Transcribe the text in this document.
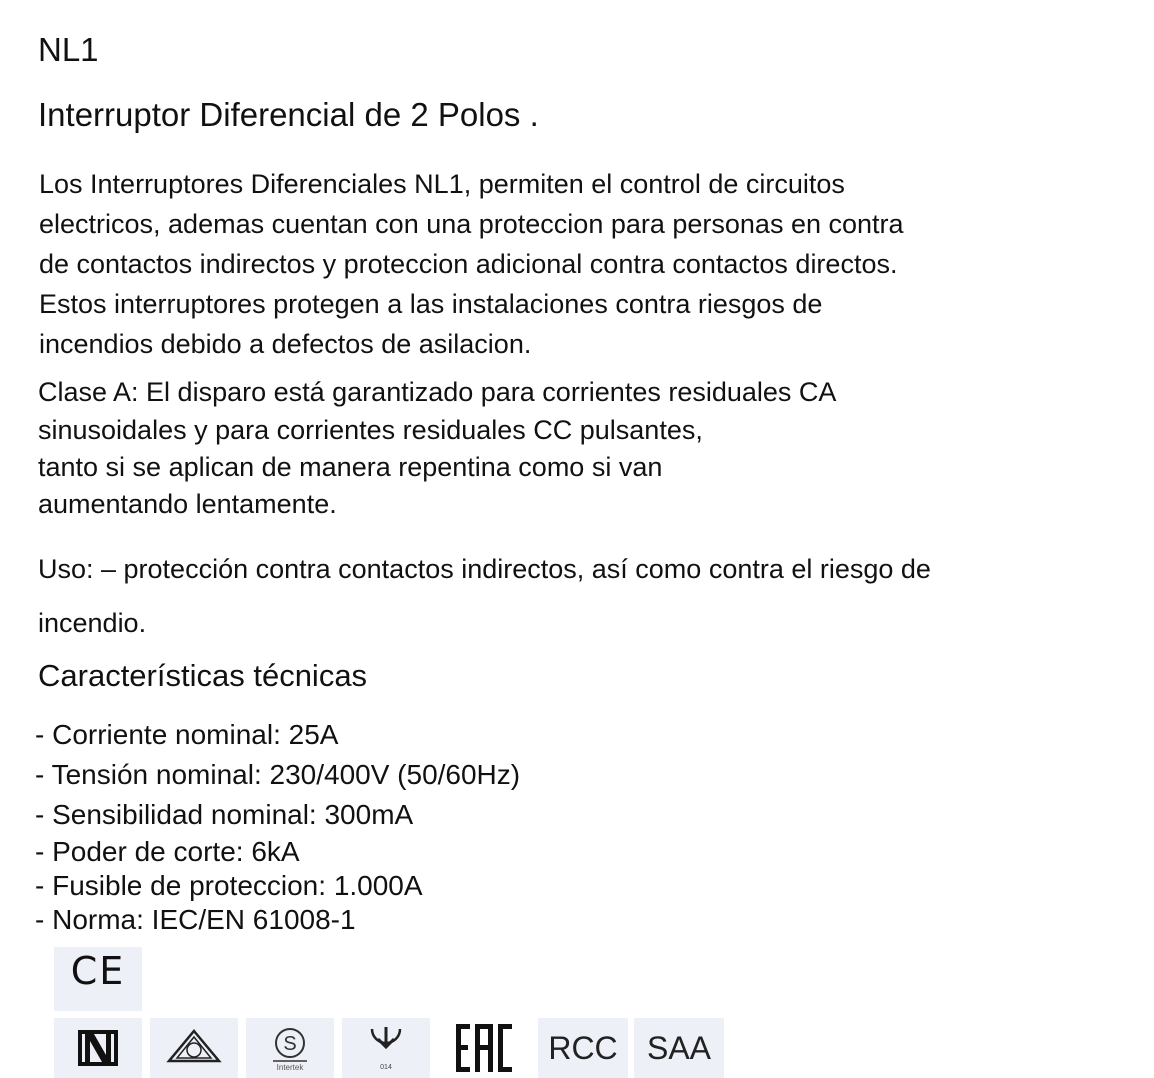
NL1
Interruptor Diferencial de 2 Polos .
Los Interruptores Diferenciales NL1, permiten el control de circuitos
electricos, ademas cuentan con una proteccion para personas en contra
de contactos indirectos y proteccion adicional contra contactos directos.
Estos interruptores protegen a las instalaciones contra riesgos de
incendios debido a defectos de asilacion.
Clase A: El disparo está garantizado para corrientes residuales CA
sinusoidales y para corrientes residuales CC pulsantes,
tanto si se aplican de manera repentina como si van
aumentando lentamente.
Uso: – protección contra contactos indirectos, así como contra el riesgo de
incendio.
Características técnicas
- Corriente nominal: 25A
- Tensión nominal: 230/400V (50/60Hz)
- Sensibilidad nominal: 300mA
- Poder de corte: 6kA
- Fusible de proteccion: 1.000A
- Norma: IEC/EN 61008-1
CE
S
Intertek	014
RCC SAA
